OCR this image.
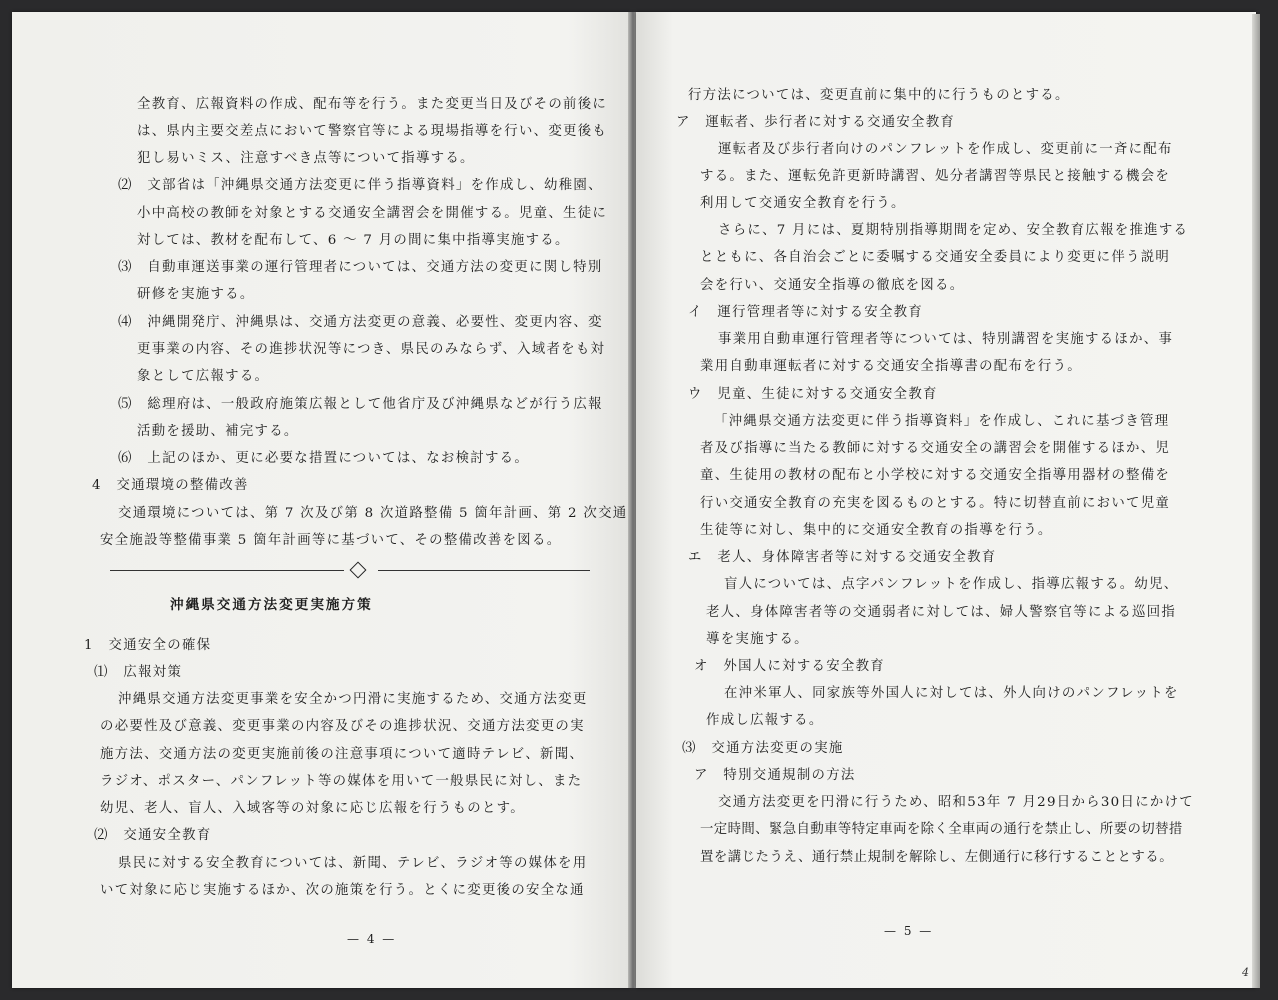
全教育、広報資料の作成、配布等を行う。また変更当日及びその前後に
は、県内主要交差点において警察官等による現場指導を行い、変更後も
犯し易いミス、注意すべき点等について指導する。
⑵　文部省は「沖縄県交通方法変更に伴う指導資料」を作成し、幼稚園、
小中高校の教師を対象とする交通安全講習会を開催する。児童、生徒に
対しては、教材を配布して、6 〜 7 月の間に集中指導実施する。
⑶　自動車運送事業の運行管理者については、交通方法の変更に関し特別
研修を実施する。
⑷　沖縄開発庁、沖縄県は、交通方法変更の意義、必要性、変更内容、変
更事業の内容、その進捗状況等につき、県民のみならず、入域者をも対
象として広報する。
⑸　総理府は、一般政府施策広報として他省庁及び沖縄県などが行う広報
活動を援助、補完する。
⑹　上記のほか、更に必要な措置については、なお検討する。
4　交通環境の整備改善
交通環境については、第 7 次及び第 8 次道路整備 5 箇年計画、第 2 次交通
安全施設等整備事業 5 箇年計画等に基づいて、その整備改善を図る。
沖縄県交通方法変更実施方策
1　交通安全の確保
⑴　広報対策
沖縄県交通方法変更事業を安全かつ円滑に実施するため、交通方法変更
の必要性及び意義、変更事業の内容及びその進捗状況、交通方法変更の実
施方法、交通方法の変更実施前後の注意事項について適時テレビ、新聞、
ラジオ、ポスター、パンフレット等の媒体を用いて一般県民に対し、また
幼児、老人、盲人、入域客等の対象に応じ広報を行うものとす。
⑵　交通安全教育
県民に対する安全教育については、新聞、テレビ、ラジオ等の媒体を用
いて対象に応じ実施するほか、次の施策を行う。とくに変更後の安全な通
— 4 —
行方法については、変更直前に集中的に行うものとする。
ア　運転者、歩行者に対する交通安全教育
運転者及び歩行者向けのパンフレットを作成し、変更前に一斉に配布
する。また、運転免許更新時講習、処分者講習等県民と接触する機会を
利用して交通安全教育を行う。
さらに、7 月には、夏期特別指導期間を定め、安全教育広報を推進する
とともに、各自治会ごとに委嘱する交通安全委員により変更に伴う説明
会を行い、交通安全指導の徹底を図る。
イ　運行管理者等に対する安全教育
事業用自動車運行管理者等については、特別講習を実施するほか、事
業用自動車運転者に対する交通安全指導書の配布を行う。
ウ　児童、生徒に対する交通安全教育
「沖縄県交通方法変更に伴う指導資料」を作成し、これに基づき管理
者及び指導に当たる教師に対する交通安全の講習会を開催するほか、児
童、生徒用の教材の配布と小学校に対する交通安全指導用器材の整備を
行い交通安全教育の充実を図るものとする。特に切替直前において児童
生徒等に対し、集中的に交通安全教育の指導を行う。
エ　老人、身体障害者等に対する交通安全教育
盲人については、点字パンフレットを作成し、指導広報する。幼児、
老人、身体障害者等の交通弱者に対しては、婦人警察官等による巡回指
導を実施する。
オ　外国人に対する安全教育
在沖米軍人、同家族等外国人に対しては、外人向けのパンフレットを
作成し広報する。
⑶　交通方法変更の実施
ア　特別交通規制の方法
交通方法変更を円滑に行うため、昭和53年 7 月29日から30日にかけて
一定時間、緊急自動車等特定車両を除く全車両の通行を禁止し、所要の切替措
置を講じたうえ、通行禁止規制を解除し、左側通行に移行することとする。
— 5 —
4
